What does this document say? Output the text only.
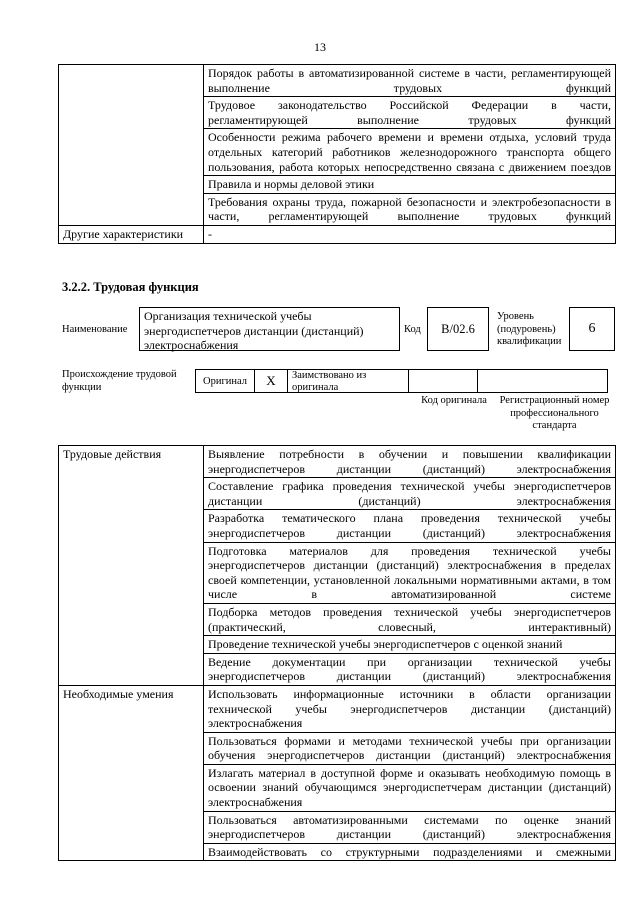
13
	Порядок работы в автоматизированной системе в части, регламентирующей выполнение трудовых функций
	Трудовое законодательство Российской Федерации в части, регламентирующей выполнение трудовых функций
	Особенности режима рабочего времени и времени отдыха, условий труда отдельных категорий работников железнодорожного транспорта общего пользования, работа которых непосредственно связана с движением поездов
	Правила и нормы деловой этики
	Требования охраны труда, пожарной безопасности и электробезопасности в части, регламентирующей выполнение трудовых функций
Другие характеристики	-
3.2.2. Трудовая функция
Наименование
Организация технической учебы энергодиспетчеров дистанции (дистанций) электроснабжения
Код	B/02.6
Уровень (подуровень) квалификации
6
Происхождение трудовой функции
Оригинал	X	Заимствовано из оригинала
Код оригинала	Регистрационный номер профессионального стандарта
Трудовые действия	Выявление потребности в обучении и повышении квалификации энергодиспетчеров дистанции (дистанций) электроснабжения
	Составление графика проведения технической учебы энергодиспетчеров дистанции (дистанций) электроснабжения
	Разработка тематического плана проведения технической учебы энергодиспетчеров дистанции (дистанций) электроснабжения
	Подготовка материалов для проведения технической учебы энергодиспетчеров дистанции (дистанций) электроснабжения в пределах своей компетенции, установленной локальными нормативными актами, в том числе в автоматизированной системе
	Подборка методов проведения технической учебы энергодиспетчеров (практический, словесный, интерактивный)
	Проведение технической учебы энергодиспетчеров с оценкой знаний
	Ведение документации при организации технической учебы энергодиспетчеров дистанции (дистанций) электроснабжения
Необходимые умения	Использовать информационные источники в области организации технической учебы энергодиспетчеров дистанции (дистанций) электроснабжения
	Пользоваться формами и методами технической учебы при организации обучения энергодиспетчеров дистанции (дистанций) электроснабжения
	Излагать материал в доступной форме и оказывать необходимую помощь в освоении знаний обучающимся энергодиспетчерам дистанции (дистанций) электроснабжения
	Пользоваться автоматизированными системами по оценке знаний энергодиспетчеров дистанции (дистанций) электроснабжения
	Взаимодействовать со структурными подразделениями и смежными
